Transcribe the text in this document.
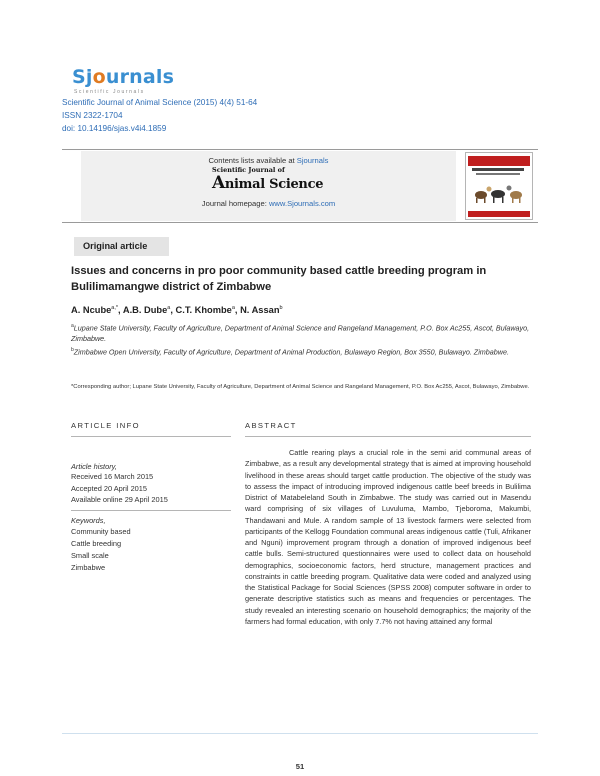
Sjournals
Scientific Journals
Scientific Journal of Animal Science (2015) 4(4) 51-64
ISSN 2322-1704
doi: 10.14196/sjas.v4i4.1859
Contents lists available at Sjournals
Scientific Journal of
Animal Science
Journal homepage: www.Sjournals.com
Original article
Issues and concerns in pro poor community based cattle breeding program in Bulilimamangwe district of Zimbabwe
A. Ncube$^{a,*}$, A.B. Dube$^a$, C.T. Khombe$^a$, N. Assan$^b$
$^a$Lupane State University, Faculty of Agriculture, Department of Animal Science and Rangeland Management, P.O. Box Ac255, Ascot, Bulawayo, Zimbabwe.
$^b$Zimbabwe Open University, Faculty of Agriculture, Department of Animal Production, Bulawayo Region, Box 3550, Bulawayo. Zimbabwe.
*Corresponding author; Lupane State University, Faculty of Agriculture, Department of Animal Science and Rangeland Management, P.O. Box Ac255, Ascot, Bulawayo, Zimbabwe.
ARTICLE INFO	ABSTRACT
Article history,
Received 16 March 2015
Accepted 20 April 2015
Available online 29 April 2015
Keywords,
Community based
Cattle breeding
Small scale
Zimbabwe
Cattle rearing plays a crucial role in the semi arid communal areas of Zimbabwe, as a result any developmental strategy that is aimed at improving household livelihood in these areas should target cattle production. The objective of the study was to assess the impact of introducing improved indigenous cattle beef breeds in Bulilima District of Matabeleland South in Zimbabwe. The study was carried out in Masendu ward comprising of six villages of Luvuluma, Mambo, Tjeboroma, Makumbi, Thandawani and Mule. A random sample of 13 livestock farmers were selected from participants of the Kellogg Foundation communal areas indigenous cattle (Tuli, Afrikaner and Nguni) improvement program through a donation of improved indigenous beef cattle bulls. Semi-structured questionnaires were used to collect data on household demographics, socioeconomic factors, herd structure, management practices and constraints in cattle breeding program. Qualitative data were coded and analyzed using the Statistical Package for Social Sciences (SPSS 2008) computer software in order to generate descriptive statistics such as means and frequencies or percentages. The study revealed an interesting scenario on household demographics; the majority of the farmers had formal education, with only 7.7% not having attained any formal
51
